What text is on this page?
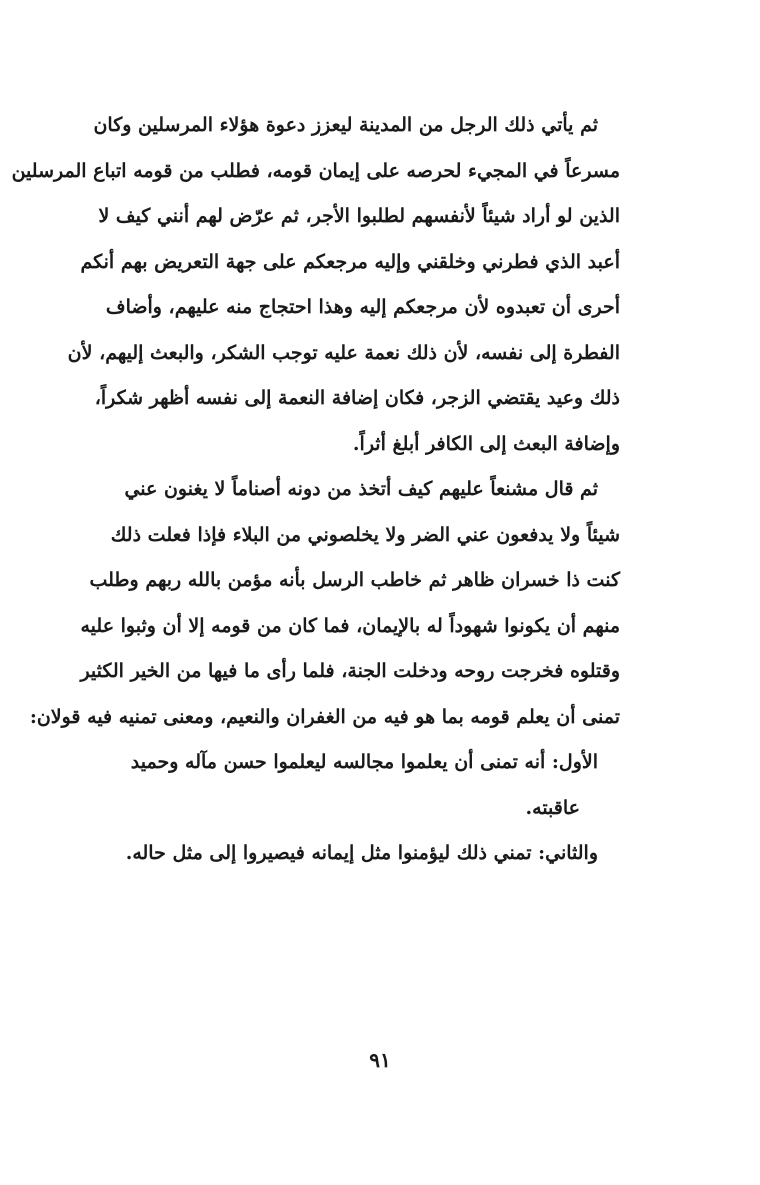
ثم يأتي ذلك الرجل من المدينة ليعزز دعوة هؤلاء المرسلين وكان
مسرعاً في المجيء لحرصه على إيمان قومه، فطلب من قومه اتباع المرسلين
الذين لو أراد شيئاً لأنفسهم لطلبوا الأجر، ثم عرّض لهم أنني كيف لا
أعبد الذي فطرني وخلقني وإليه مرجعكم على جهة التعريض بهم أنكم
أحرى أن تعبدوه لأن مرجعكم إليه وهذا احتجاج منه عليهم، وأضاف
الفطرة إلى نفسه، لأن ذلك نعمة عليه توجب الشكر، والبعث إليهم، لأن
ذلك وعيد يقتضي الزجر، فكان إضافة النعمة إلى نفسه أظهر شكراً،
وإضافة البعث إلى الكافر أبلغ أثراً.
ثم قال مشنعاً عليهم كيف أتخذ من دونه أصناماً لا يغنون عني
شيئاً ولا يدفعون عني الضر ولا يخلصوني من البلاء فإذا فعلت ذلك
كنت ذا خسران ظاهر ثم خاطب الرسل بأنه مؤمن بالله ربهم وطلب
منهم أن يكونوا شهوداً له بالإيمان، فما كان من قومه إلا أن وثبوا عليه
وقتلوه فخرجت روحه ودخلت الجنة، فلما رأى ما فيها من الخير الكثير
تمنى أن يعلم قومه بما هو فيه من الغفران والنعيم، ومعنى تمنيه فيه قولان:
الأول: أنه تمنى أن يعلموا مجالسه ليعلموا حسن مآله وحميد
عاقبته.
والثاني: تمني ذلك ليؤمنوا مثل إيمانه فيصيروا إلى مثل حاله.
٩١
